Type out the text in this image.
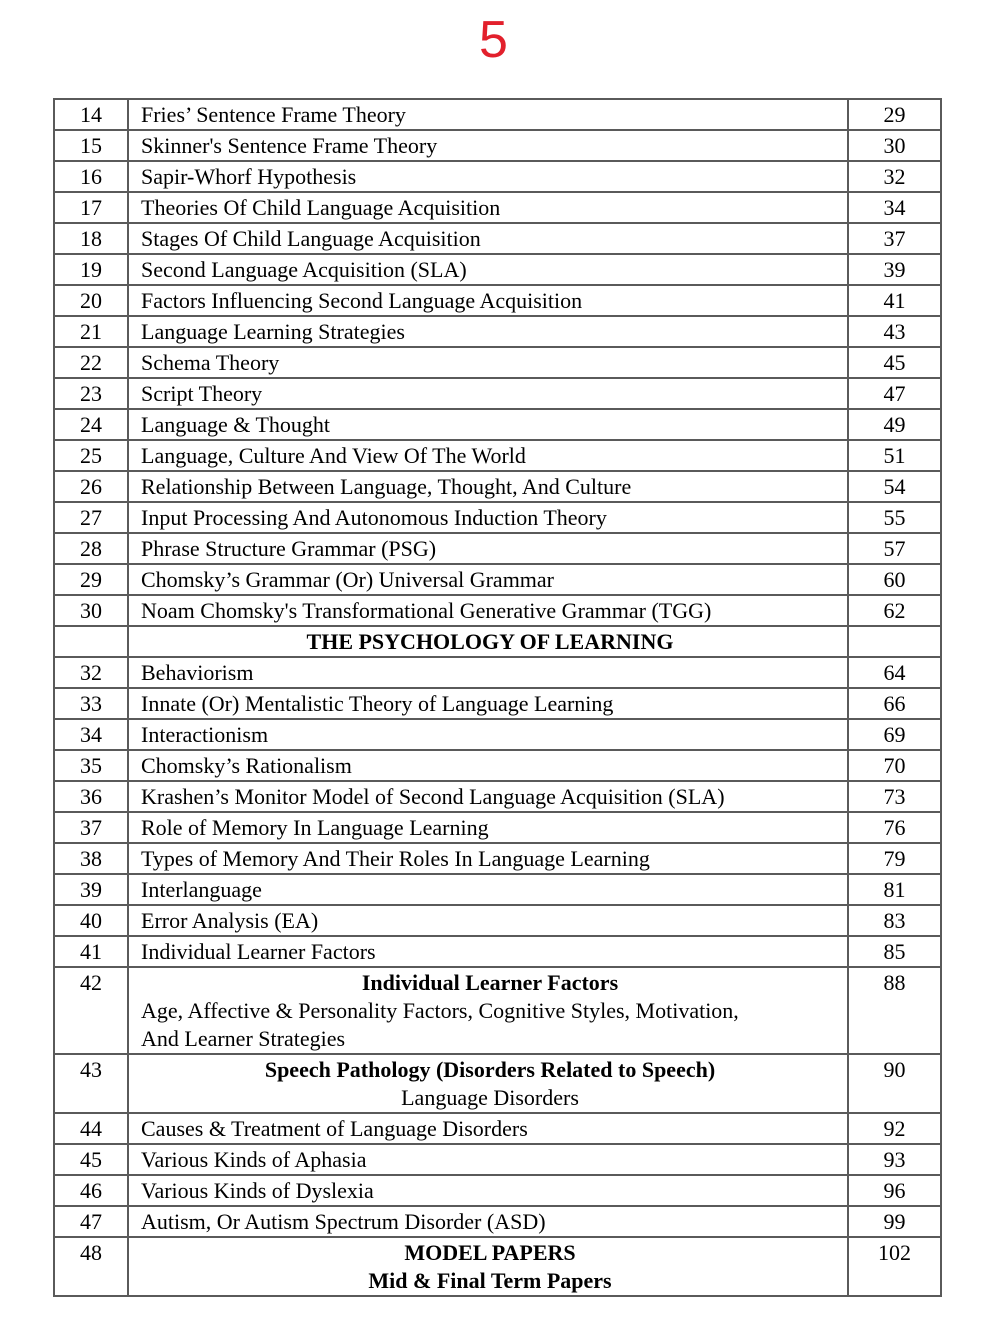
5
14	Fries’ Sentence Frame Theory	29

15	Skinner's Sentence Frame Theory	30

16	Sapir-Whorf Hypothesis	32

17	Theories Of Child Language Acquisition	34

18	Stages Of Child Language Acquisition	37

19	Second Language Acquisition (SLA)	39

20	Factors Influencing Second Language Acquisition	41

21	Language Learning Strategies	43

22	Schema Theory	45

23	Script Theory	47

24	Language & Thought	49

25	Language, Culture And View Of The World	51

26	Relationship Between Language, Thought, And Culture	54

27	Input Processing And Autonomous Induction Theory	55

28	Phrase Structure Grammar (PSG)	57

29	Chomsky’s Grammar (Or) Universal Grammar	60

30	Noam Chomsky's Transformational Generative Grammar (TGG)	62

	THE PSYCHOLOGY OF LEARNING	

32	Behaviorism	64

33	Innate (Or) Mentalistic Theory of Language Learning	66

34	Interactionism	69

35	Chomsky’s Rationalism	70

36	Krashen’s Monitor Model of Second Language Acquisition (SLA)	73

37	Role of Memory In Language Learning	76

38	Types of Memory And Their Roles In Language Learning	79

39	Interlanguage	81

40	Error Analysis (EA)	83

41	Individual Learner Factors	85

42	Individual Learner Factors
Age, Affective & Personality Factors, Cognitive Styles, Motivation,
And Learner Strategies	88

43	Speech Pathology (Disorders Related to Speech)
Language Disorders	90

44	Causes & Treatment of Language Disorders	92

45	Various Kinds of Aphasia	93

46	Various Kinds of Dyslexia	96

47	Autism, Or Autism Spectrum Disorder (ASD)	99

48	MODEL PAPERS
Mid & Final Term Papers	102
